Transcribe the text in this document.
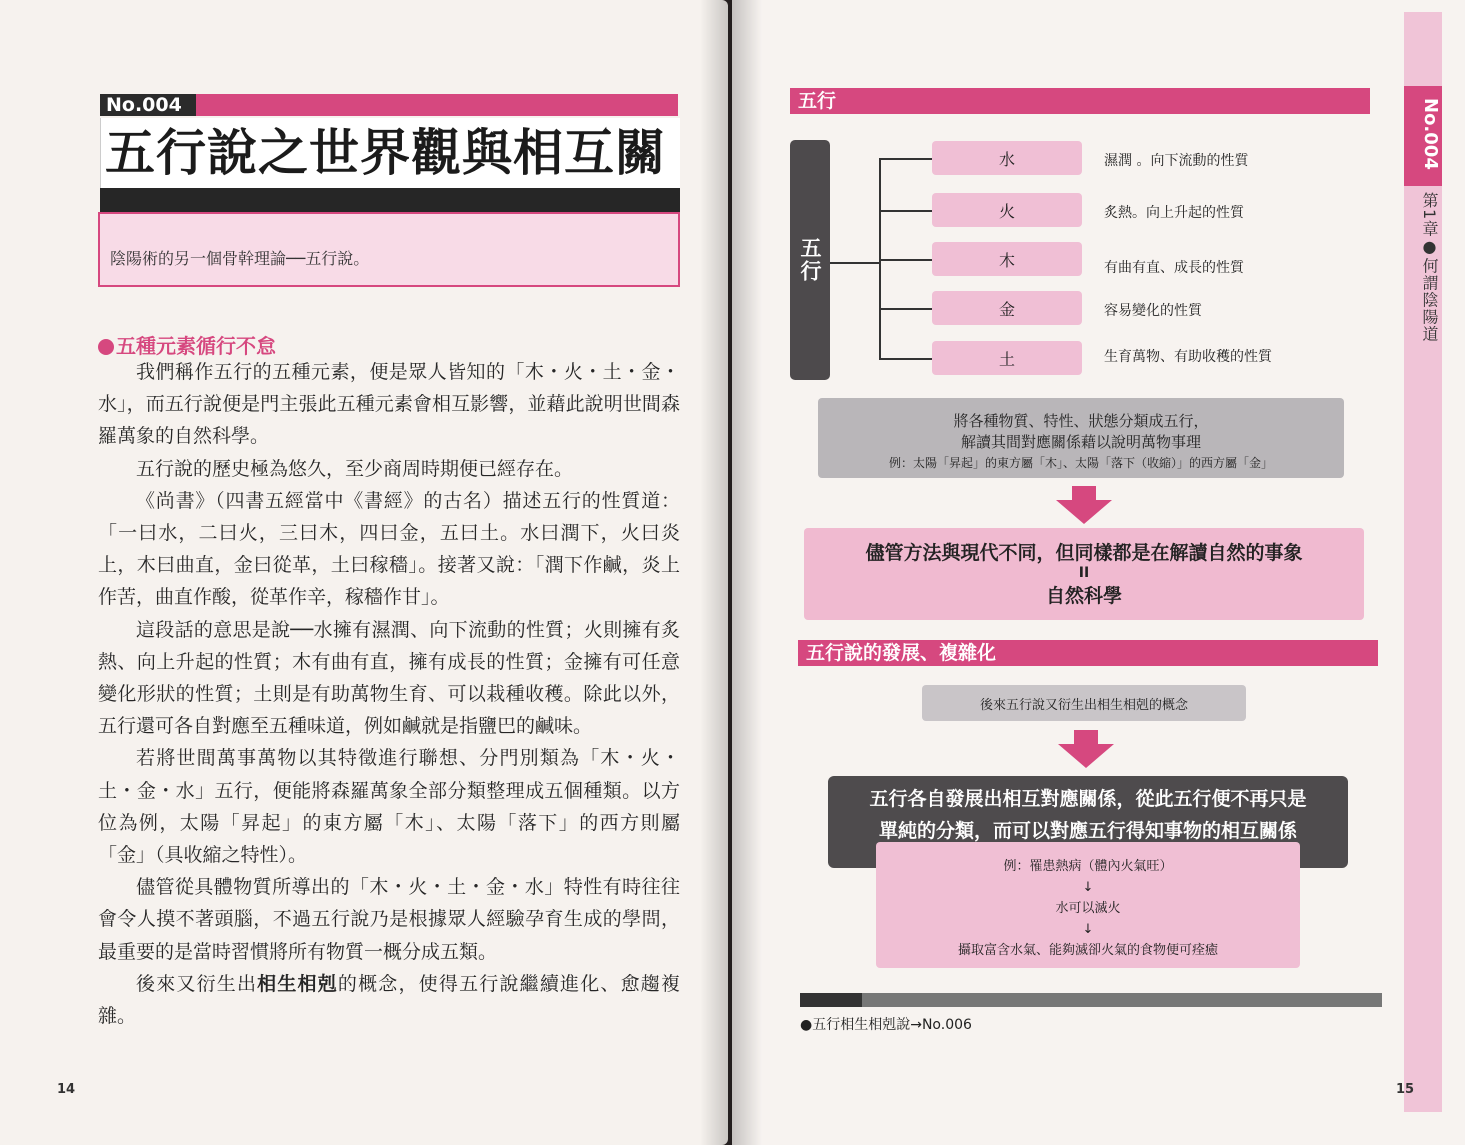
No.004
五行說之世界觀與相互關
陰陽術的另一個骨幹理論──五行說。
五種元素循行不怠

我們稱作五行的五種元素，便是眾人皆知的「木・火・土・金・水」，而五行說便是門主張此五種元素會相互影響，並藉此說明世間森羅萬象的自然科學。

五行說的歷史極為悠久，至少商周時期便已經存在。

《尚書》（四書五經當中《書經》的古名）描述五行的性質道：「一曰水，二曰火，三曰木，四曰金，五曰土。水曰潤下，火曰炎上，木曰曲直，金曰從革，土曰稼穡」。接著又說：「潤下作鹹，炎上作苦，曲直作酸，從革作辛，稼穡作甘」。

這段話的意思是說──水擁有濕潤、向下流動的性質；火則擁有炙熱、向上升起的性質；木有曲有直，擁有成長的性質；金擁有可任意變化形狀的性質；土則是有助萬物生育、可以栽種收穫。除此以外，五行還可各自對應至五種味道，例如鹹就是指鹽巴的鹹味。

若將世間萬事萬物以其特徵進行聯想、分門別類為「木・火・土・金・水」五行，便能將森羅萬象全部分類整理成五個種類。以方位為例，太陽「昇起」的東方屬「木」、太陽「落下」的西方則屬「金」（具收縮之特性）。

儘管從具體物質所導出的「木・火・土・金・水」特性有時往往會令人摸不著頭腦，不過五行說乃是根據眾人經驗孕育生成的學問，最重要的是當時習慣將所有物質一概分成五類。

後來又衍生出相生相剋的概念，使得五行說繼續進化、愈趨複雜。

14
五行
五行
水
火
木
金
土
濕潤 。向下流動的性質
炙熱。向上升起的性質
有曲有直、成長的性質
容易變化的性質
生育萬物、有助收穫的性質
將各種物質、特性、狀態分類成五行，
解讀其間對應關係藉以說明萬物事理
例：太陽「昇起」的東方屬「木」、太陽「落下（收縮）」的西方屬「金」
儘管方法與現代不同，但同樣都是在解讀自然的事象
II
自然科學
五行說的發展、複雜化
後來五行說又衍生出相生相剋的概念
五行各自發展出相互對應關係，從此五行便不再只是
單純的分類，而可以對應五行得知事物的相互關係
例：罹患熱病（體內火氣旺）
↓
水可以滅火
↓
攝取富含水氣、能夠滅卻火氣的食物便可痊癒
●五行相生相剋說→No.006
No.004
第1章●何謂陰陽道
15
